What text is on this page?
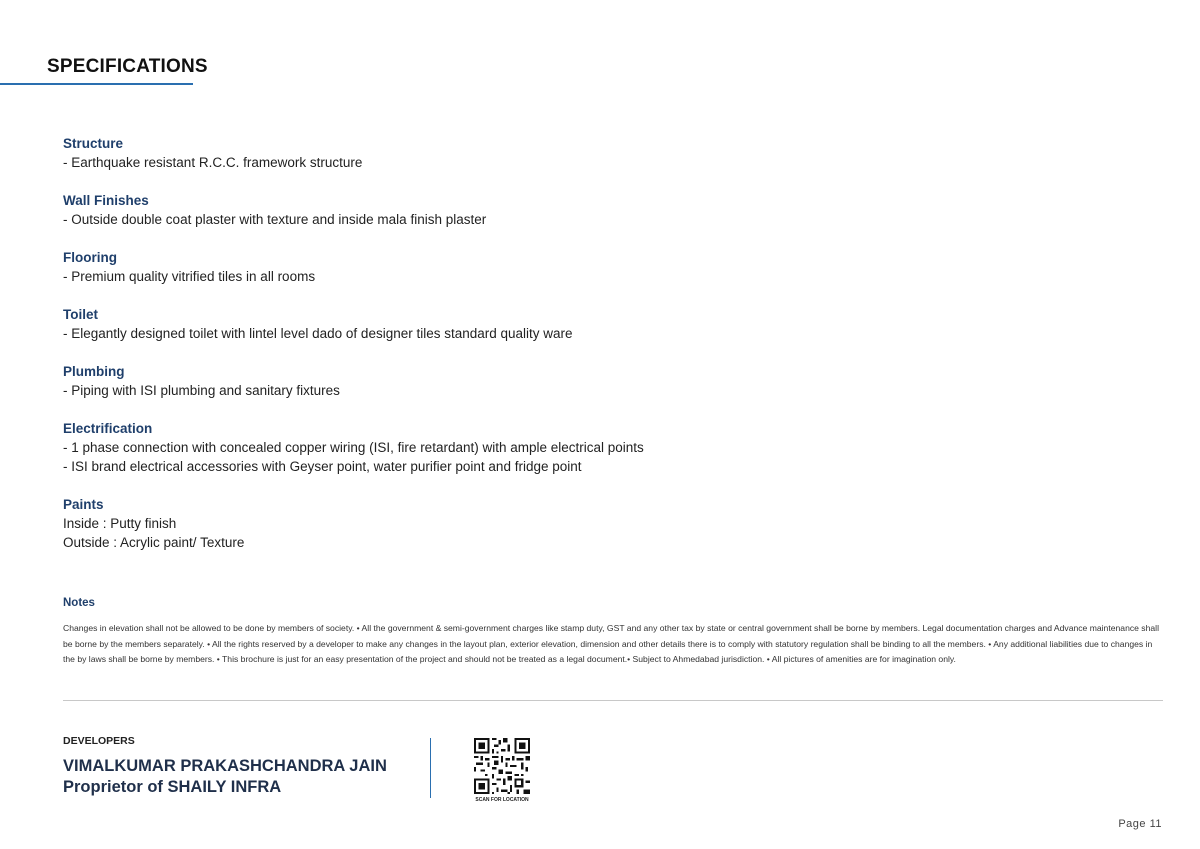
SPECIFICATIONS
Structure
- Earthquake resistant R.C.C. framework structure
Wall Finishes
- Outside double coat plaster with texture and inside mala finish plaster
Flooring
- Premium quality vitrified tiles in all rooms
Toilet
- Elegantly designed toilet with lintel level dado of designer tiles standard quality ware
Plumbing
- Piping with ISI plumbing and sanitary fixtures
Electrification
- 1 phase connection with concealed copper wiring (ISI, fire retardant) with ample electrical points
- ISI brand electrical accessories with Geyser point, water purifier point and fridge point
Paints
Inside : Putty finish
Outside : Acrylic paint/ Texture
Notes
Changes in elevation shall not be allowed to be done by members of society. • All the government & semi-government charges like stamp duty, GST and any other tax by state or central government shall be borne by members. Legal documentation charges and Advance maintenance shall be borne by the members separately. • All the rights reserved by a developer to make any changes in the layout plan, exterior elevation, dimension and other details there is to comply with statutory regulation shall be binding to all the members. • Any additional liabilities due to changes in the by laws shall be borne by members. • This brochure is just for an easy presentation of the project and should not be treated as a legal document.• Subject to Ahmedabad jurisdiction. • All pictures of amenities are for imagination only.
DEVELOPERS
VIMALKUMAR PRAKASHCHANDRA JAIN
Proprietor of SHAILY INFRA
SCAN FOR LOCATION
Page 11
